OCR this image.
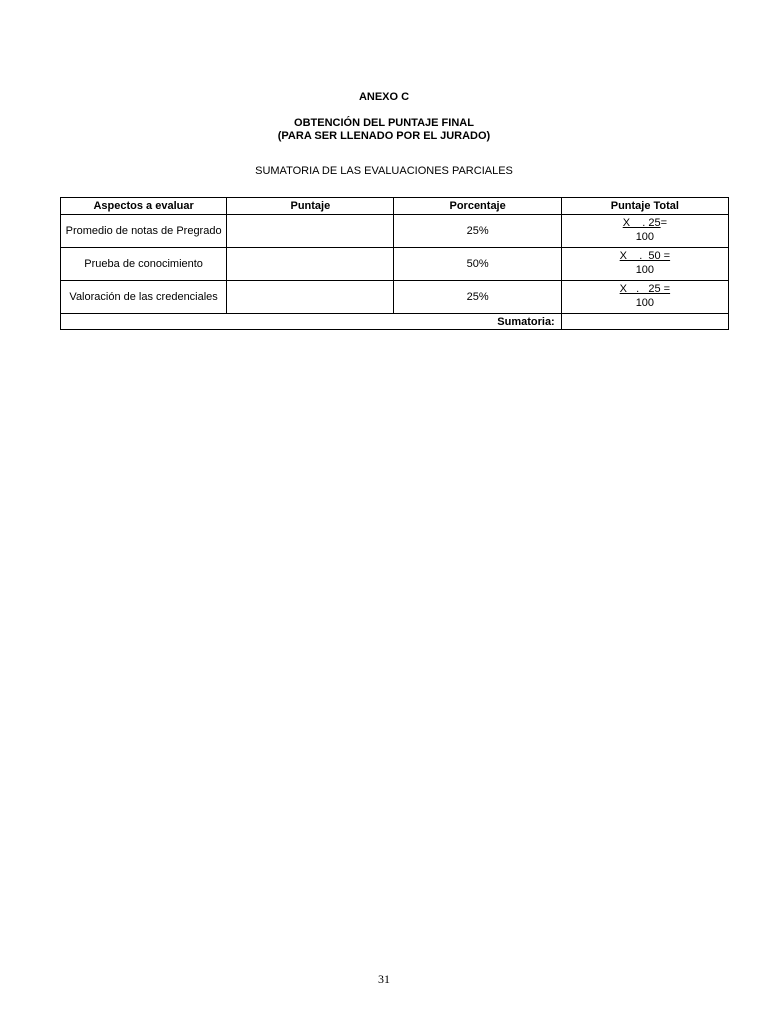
ANEXO C
OBTENCIÓN DEL PUNTAJE FINAL
(PARA SER LLENADO POR EL JURADO)
SUMATORIA DE LAS EVALUACIONES PARCIALES
Aspectos a evaluar	Puntaje	Porcentaje	Puntaje Total
Promedio de notas de Pregrado		25%	X    . 25 =
100

Prueba de conocimiento		50%	X    .  50 =
100

Valoración de las credenciales		25%	X   .   25 =
100

Sumatoria:			
31
